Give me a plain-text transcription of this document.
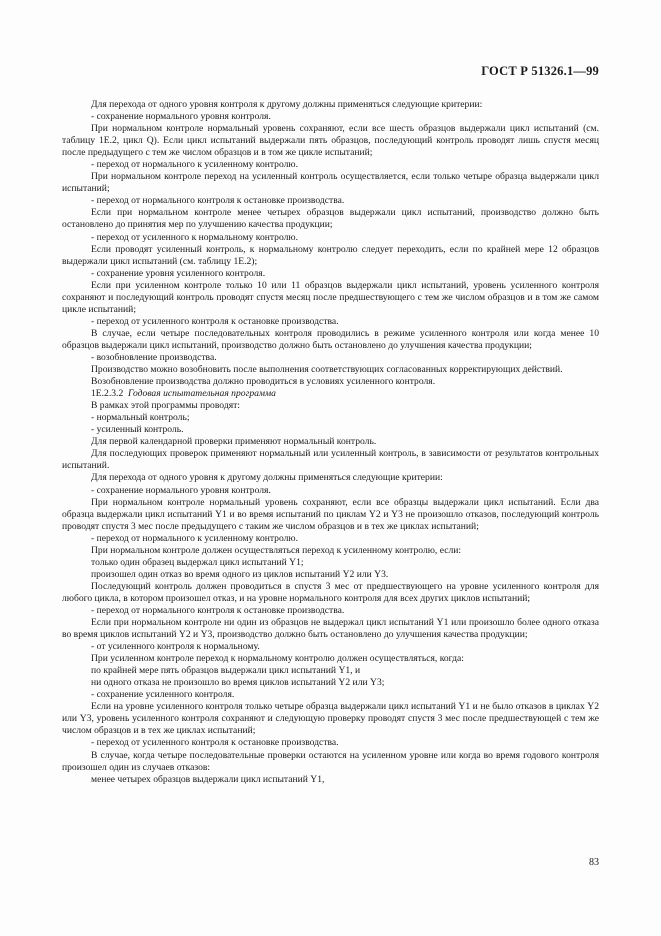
ГОСТ Р 51326.1—99

Для перехода от одного уровня контроля к другому должны применяться следующие критерии:

- сохранение нормального уровня контроля.

При нормальном контроле нормальный уровень сохраняют, если все шесть образцов выдержали цикл испытаний (см. таблицу 1Е.2, цикл Q). Если цикл испытаний выдержали пять образцов, последующий контроль проводят лишь спустя месяц после предыдущего с тем же числом образцов и в том же цикле испытаний;

- переход от нормального к усиленному контролю.

При нормальном контроле переход на усиленный контроль осуществляется, если только четыре образца выдержали цикл испытаний;

- переход от нормального контроля к остановке производства.

Если при нормальном контроле менее четырех образцов выдержали цикл испытаний, производство должно быть остановлено до принятия мер по улучшению качества продукции;

- переход от усиленного к нормальному контролю.

Если проводят усиленный контроль, к нормальному контролю следует переходить, если по крайней мере 12 образцов выдержали цикл испытаний (см. таблицу 1Е.2);

- сохранение уровня усиленного контроля.

Если при усиленном контроле только 10 или 11 образцов выдержали цикл испытаний, уровень усиленного контроля сохраняют и последующий контроль проводят спустя месяц после предшествующего с тем же числом образцов и в том же самом цикле испытаний;

- переход от усиленного контроля к остановке производства.

В случае, если четыре последовательных контроля проводились в режиме усиленного контроля или когда менее 10 образцов выдержали цикл испытаний, производство должно быть остановлено до улучшения качества продукции;

- возобновление производства.

Производство можно возобновить после выполнения соответствующих согласованных корректирующих действий.

Возобновление производства должно проводиться в условиях усиленного контроля.

1Е.2.3.2 Годовая испытательная программа

В рамках этой программы проводят:

- нормальный контроль;

- усиленный контроль.

Для первой календарной проверки применяют нормальный контроль.

Для последующих проверок применяют нормальный или усиленный контроль, в зависимости от результатов контрольных испытаний.

Для перехода от одного уровня к другому должны применяться следующие критерии:

- сохранение нормального уровня контроля.

При нормальном контроле нормальный уровень сохраняют, если все образцы выдержали цикл испытаний. Если два образца выдержали цикл испытаний Y1 и во время испытаний по циклам Y2 и Y3 не произошло отказов, последующий контроль проводят спустя 3 мес после предыдущего с таким же числом образцов и в тех же циклах испытаний;

- переход от нормального к усиленному контролю.

При нормальном контроле должен осуществляться переход к усиленному контролю, если:

только один образец выдержал цикл испытаний Y1;

произошел один отказ во время одного из циклов испытаний Y2 или Y3.

Последующий контроль должен проводиться в спустя 3 мес от предшествующего на уровне усиленного контроля для любого цикла, в котором произошел отказ, и на уровне нормального контроля для всех других циклов испытаний;

- переход от нормального контроля к остановке производства.

Если при нормальном контроле ни один из образцов не выдержал цикл испытаний Y1 или произошло более одного отказа во время циклов испытаний Y2 и Y3, производство должно быть остановлено до улучшения качества продукции;

- от усиленного контроля к нормальному.

При усиленном контроле переход к нормальному контролю должен осуществляться, когда:

по крайней мере пять образцов выдержали цикл испытаний Y1, и

ни одного отказа не произошло во время циклов испытаний Y2 или Y3;

- сохранение усиленного контроля.

Если на уровне усиленного контроля только четыре образца выдержали цикл испытаний Y1 и не было отказов в циклах Y2 или Y3, уровень усиленного контроля сохраняют и следующую проверку проводят спустя 3 мес после предшествующей с тем же числом образцов и в тех же циклах испытаний;

- переход от усиленного контроля к остановке производства.

В случае, когда четыре последовательные проверки остаются на усиленном уровне или когда во время годового контроля произошел один из случаев отказов:

менее четырех образцов выдержали цикл испытаний Y1,

83
